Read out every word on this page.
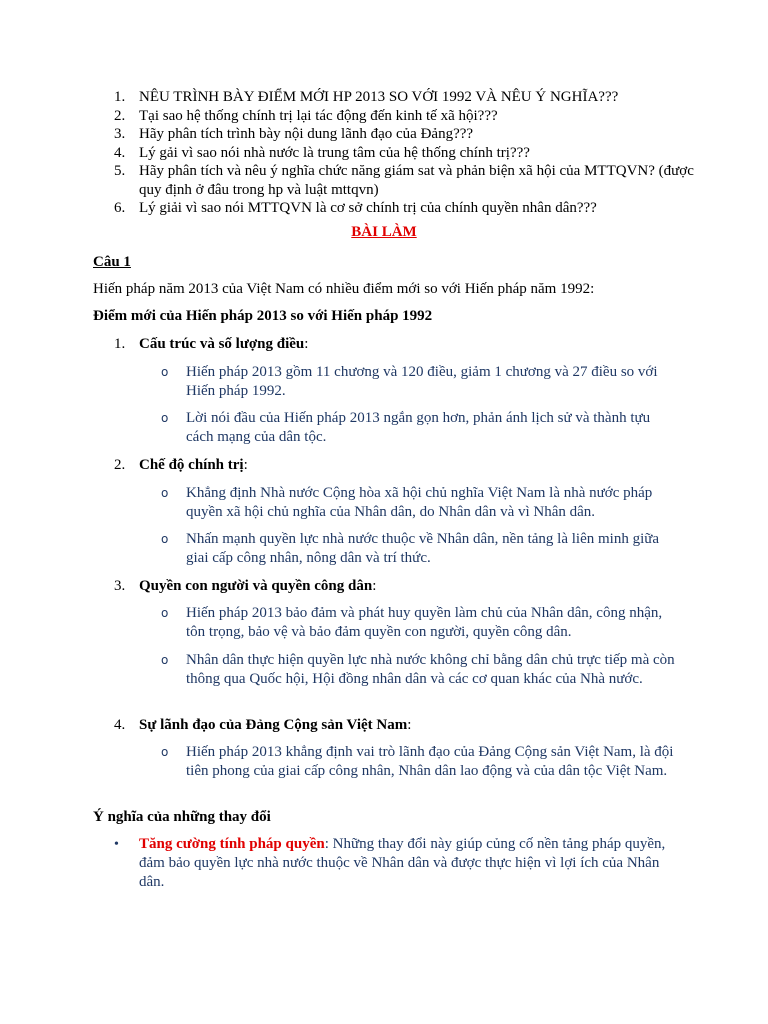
1. NÊU TRÌNH BÀY ĐIỂM MỚI HP 2013 SO VỚI 1992 VÀ NÊU Ý NGHĨA???
2. Tại sao hệ thống chính trị lại tác động đến kinh tế xã hội???
3. Hãy phân tích trình bày nội dung lãnh đạo của Đảng???
4. Lý gải vì sao nói nhà nước là trung tâm của hệ thống chính trị???
5. Hãy phân tích và nêu ý nghĩa chức năng giám sat và phản biện xã hội của MTTQVN? (được quy định ở đâu trong hp và luật mttqvn)
6. Lý giải vì sao nói MTTQVN là cơ sở chính trị của chính quyền nhân dân???
BÀI LÀM
Câu 1
Hiến pháp năm 2013 của Việt Nam có nhiều điểm mới so với Hiến pháp năm 1992:
Điểm mới của Hiến pháp 2013 so với Hiến pháp 1992
1. Cấu trúc và số lượng điều:
o Hiến pháp 2013 gồm 11 chương và 120 điều, giảm 1 chương và 27 điều so với Hiến pháp 1992.
o Lời nói đầu của Hiến pháp 2013 ngắn gọn hơn, phản ánh lịch sử và thành tựu cách mạng của dân tộc.
2. Chế độ chính trị:
o Khẳng định Nhà nước Cộng hòa xã hội chủ nghĩa Việt Nam là nhà nước pháp quyền xã hội chủ nghĩa của Nhân dân, do Nhân dân và vì Nhân dân.
o Nhấn mạnh quyền lực nhà nước thuộc về Nhân dân, nền tảng là liên minh giữa giai cấp công nhân, nông dân và trí thức.
3. Quyền con người và quyền công dân:
o Hiến pháp 2013 bảo đảm và phát huy quyền làm chủ của Nhân dân, công nhận, tôn trọng, bảo vệ và bảo đảm quyền con người, quyền công dân.
o Nhân dân thực hiện quyền lực nhà nước không chỉ bằng dân chủ trực tiếp mà còn thông qua Quốc hội, Hội đồng nhân dân và các cơ quan khác của Nhà nước.
4. Sự lãnh đạo của Đảng Cộng sản Việt Nam:
o Hiến pháp 2013 khẳng định vai trò lãnh đạo của Đảng Cộng sản Việt Nam, là đội tiên phong của giai cấp công nhân, Nhân dân lao động và của dân tộc Việt Nam.
Ý nghĩa của những thay đổi
• Tăng cường tính pháp quyền: Những thay đổi này giúp củng cố nền tảng pháp quyền, đảm bảo quyền lực nhà nước thuộc về Nhân dân và được thực hiện vì lợi ích của Nhân dân.
